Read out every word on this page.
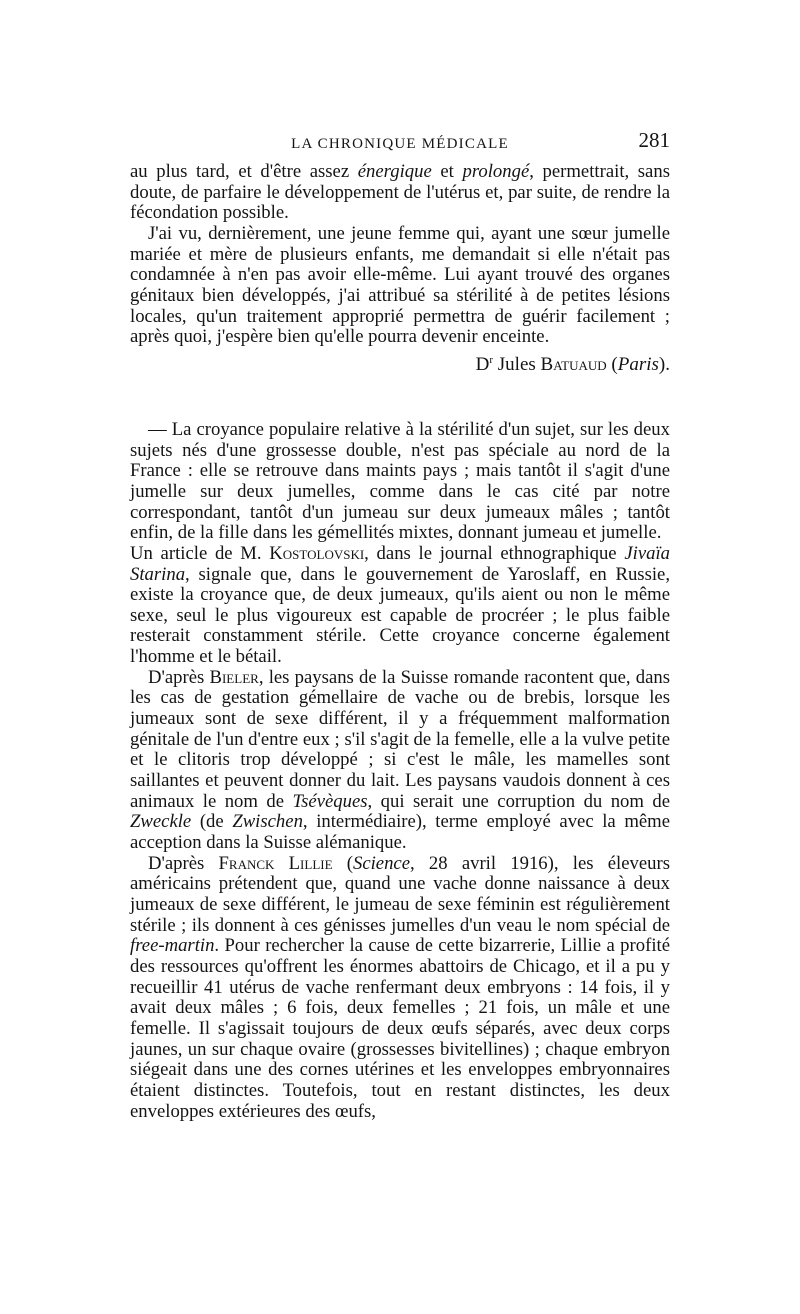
LA CHRONIQUE MÉDICALE	281

au plus tard, et d'être assez énergique et prolongé, permettrait, sans doute, de parfaire le développement de l'utérus et, par suite, de rendre la fécondation possible.

J'ai vu, dernièrement, une jeune femme qui, ayant une sœur jumelle mariée et mère de plusieurs enfants, me demandait si elle n'était pas condamnée à n'en pas avoir elle-même. Lui ayant trouvé des organes génitaux bien développés, j'ai attribué sa stérilité à de petites lésions locales, qu'un traitement approprié permettra de guérir facilement ; après quoi, j'espère bien qu'elle pourra devenir enceinte.

$D^r$ Jules Batuaud (Paris).

— La croyance populaire relative à la stérilité d'un sujet, sur les deux sujets nés d'une grossesse double, n'est pas spéciale au nord de la France : elle se retrouve dans maints pays ; mais tantôt il s'agit d'une jumelle sur deux jumelles, comme dans le cas cité par notre correspondant, tantôt d'un jumeau sur deux jumeaux mâles ; tantôt enfin, de la fille dans les gémellités mixtes, donnant jumeau et jumelle.

Un article de M. Kostolovski, dans le journal ethnographique Jivaïa Starina, signale que, dans le gouvernement de Yaroslaff, en Russie, existe la croyance que, de deux jumeaux, qu'ils aient ou non le même sexe, seul le plus vigoureux est capable de procréer ; le plus faible resterait constamment stérile. Cette croyance concerne également l'homme et le bétail.

D'après Bieler, les paysans de la Suisse romande racontent que, dans les cas de gestation gémellaire de vache ou de brebis, lorsque les jumeaux sont de sexe différent, il y a fréquemment malformation génitale de l'un d'entre eux ; s'il s'agit de la femelle, elle a la vulve petite et le clitoris trop développé ; si c'est le mâle, les mamelles sont saillantes et peuvent donner du lait. Les paysans vaudois donnent à ces animaux le nom de Tsévèques, qui serait une corruption du nom de Zweckle (de Zwischen, intermédiaire), terme employé avec la même acception dans la Suisse alémanique.

D'après Franck Lillie (Science, 28 avril 1916), les éleveurs américains prétendent que, quand une vache donne naissance à deux jumeaux de sexe différent, le jumeau de sexe féminin est régulièrement stérile ; ils donnent à ces génisses jumelles d'un veau le nom spécial de free-martin. Pour rechercher la cause de cette bizarrerie, Lillie a profité des ressources qu'offrent les énormes abattoirs de Chicago, et il a pu y recueillir 41 utérus de vache renfermant deux embryons : 14 fois, il y avait deux mâles ; 6 fois, deux femelles ; 21 fois, un mâle et une femelle. Il s'agissait toujours de deux œufs séparés, avec deux corps jaunes, un sur chaque ovaire (grossesses bivitellines) ; chaque embryon siégeait dans une des cornes utérines et les enveloppes embryonnaires étaient distinctes. Toutefois, tout en restant distinctes, les deux enveloppes extérieures des œufs,
